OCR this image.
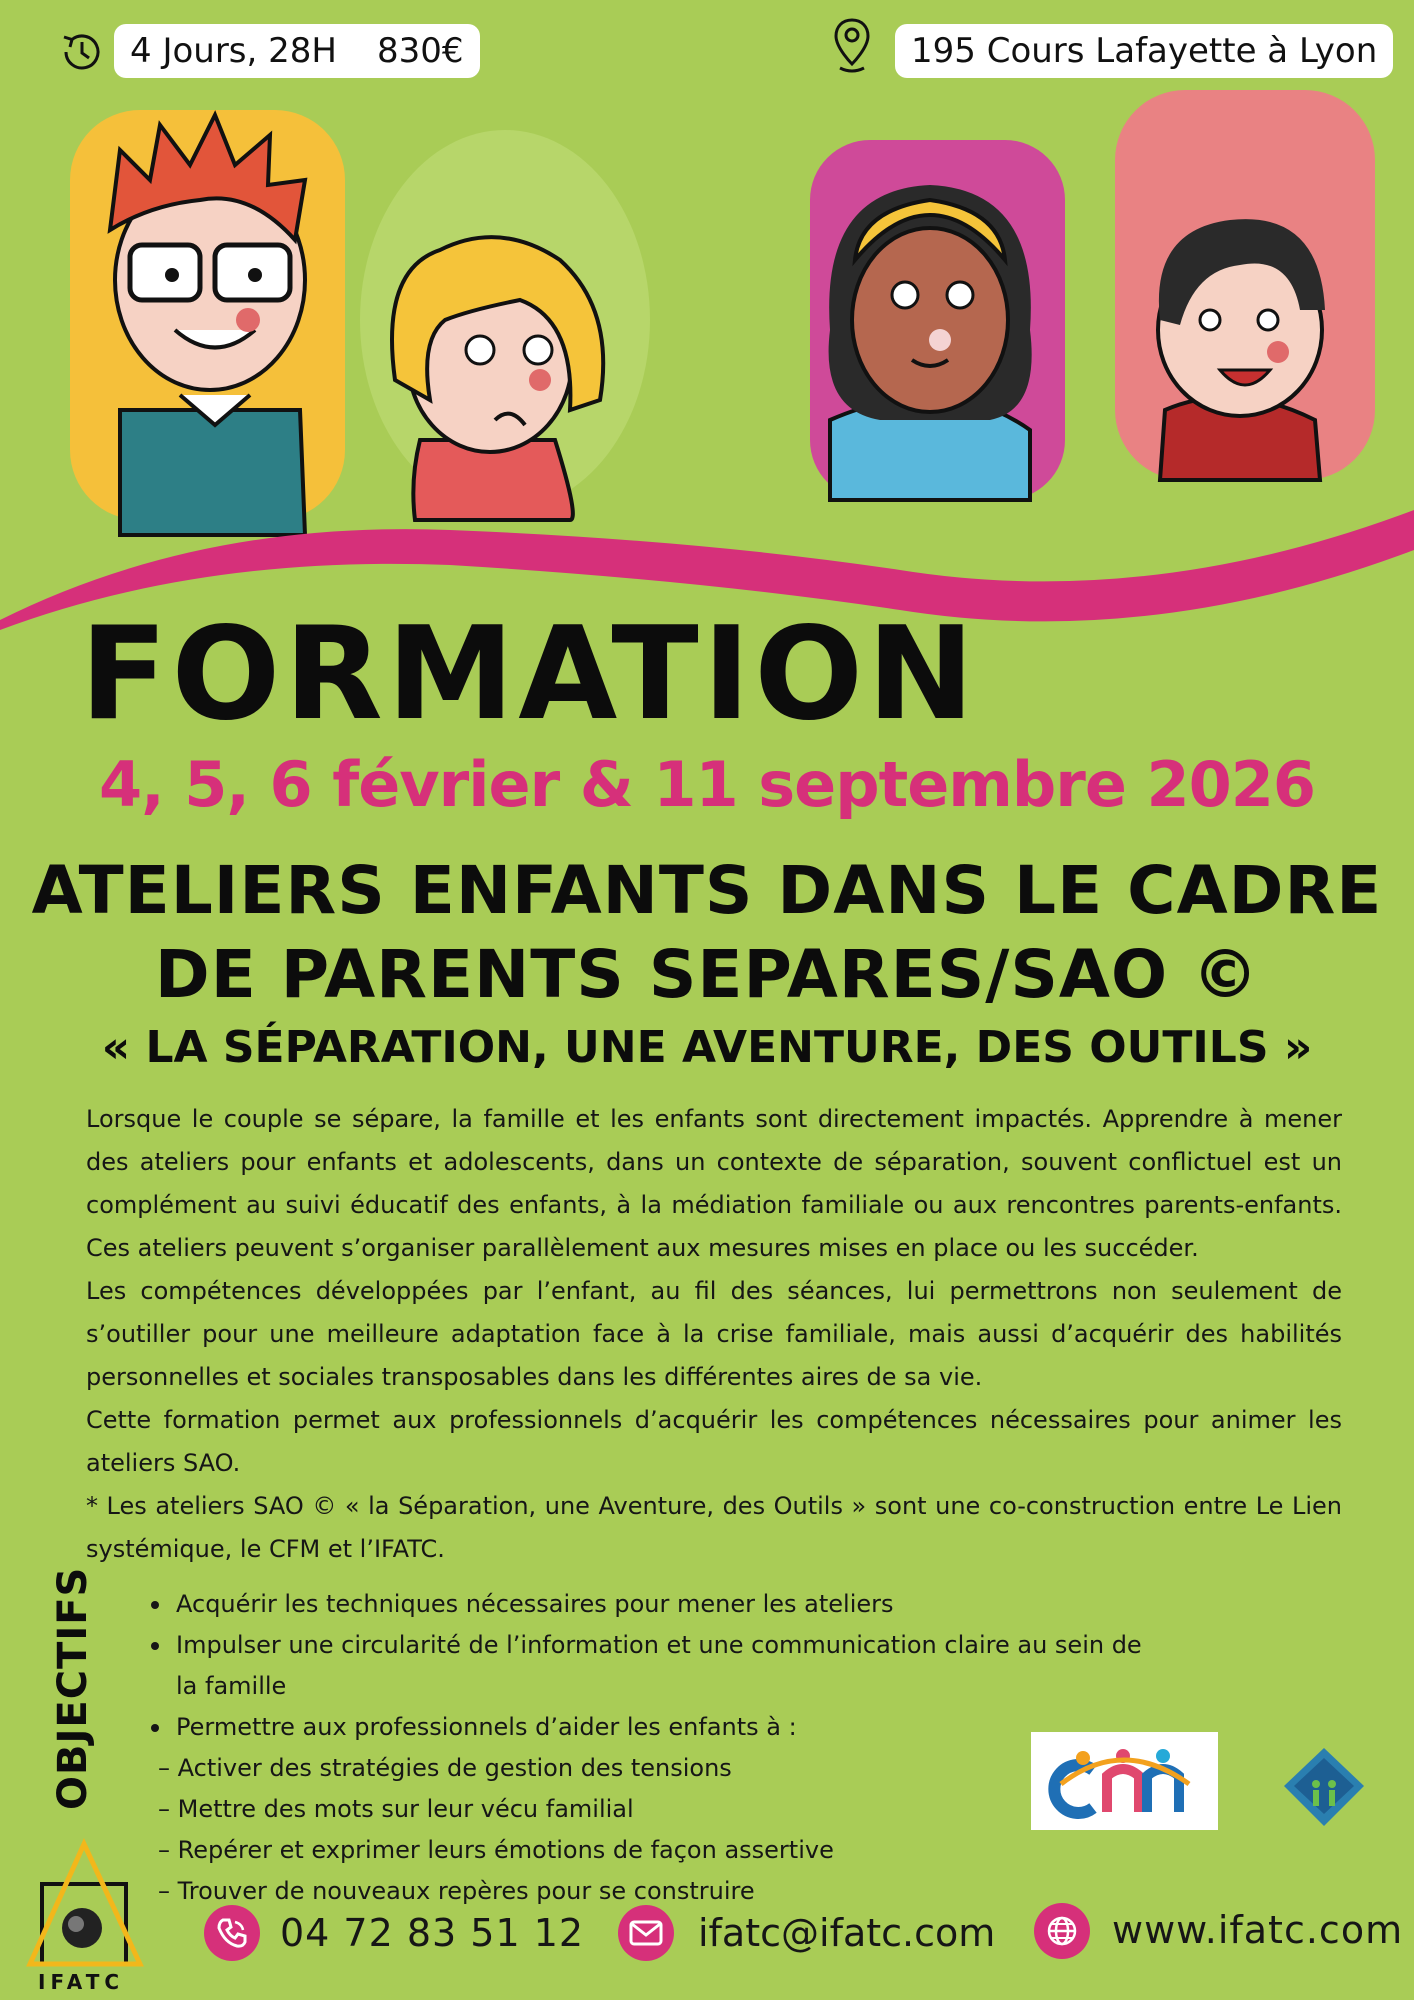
4 Jours, 28H 830€	195 Cours Lafayette à Lyon
FORMATION
4, 5, 6 février & 11 septembre 2026
ATELIERS ENFANTS DANS LE CADRE
DE PARENTS SEPARES/SAO ©
« LA SÉPARATION, UNE AVENTURE, DES OUTILS »

Lorsque le couple se sépare, la famille et les enfants sont directement impactés. Apprendre à mener des ateliers pour enfants et adolescents, dans un contexte de séparation, souvent conflictuel est un complément au suivi éducatif des enfants, à la médiation familiale ou aux rencontres parents-enfants. Ces ateliers peuvent s’organiser parallèlement aux mesures mises en place ou les succéder.

Les compétences développées par l’enfant, au fil des séances, lui permettrons non seulement de s’outiller pour une meilleure adaptation face à la crise familiale, mais aussi d’acquérir des habilités personnelles et sociales transposables dans les différentes aires de sa vie.

Cette formation permet aux professionnels d’acquérir les compétences nécessaires pour animer les ateliers SAO.

* Les ateliers SAO © « la Séparation, une Aventure, des Outils » sont une co-construction entre Le Lien systémique, le CFM et l’IFATC.

OBJECTIFS	Acquérir les techniques nécessaires pour mener les ateliers
Impulser une circularité de l’information et une communication claire au sein de la famille
Permettre aux professionnels d’aider les enfants à :
– Activer des stratégies de gestion des tensions
– Mettre des mots sur leur vécu familial
– Repérer et exprimer leurs émotions de façon assertive
– Trouver de nouveaux repères pour se construire
IFATC
04 72 83 51 12	ifatc@ifatc.com	www.ifatc.com
